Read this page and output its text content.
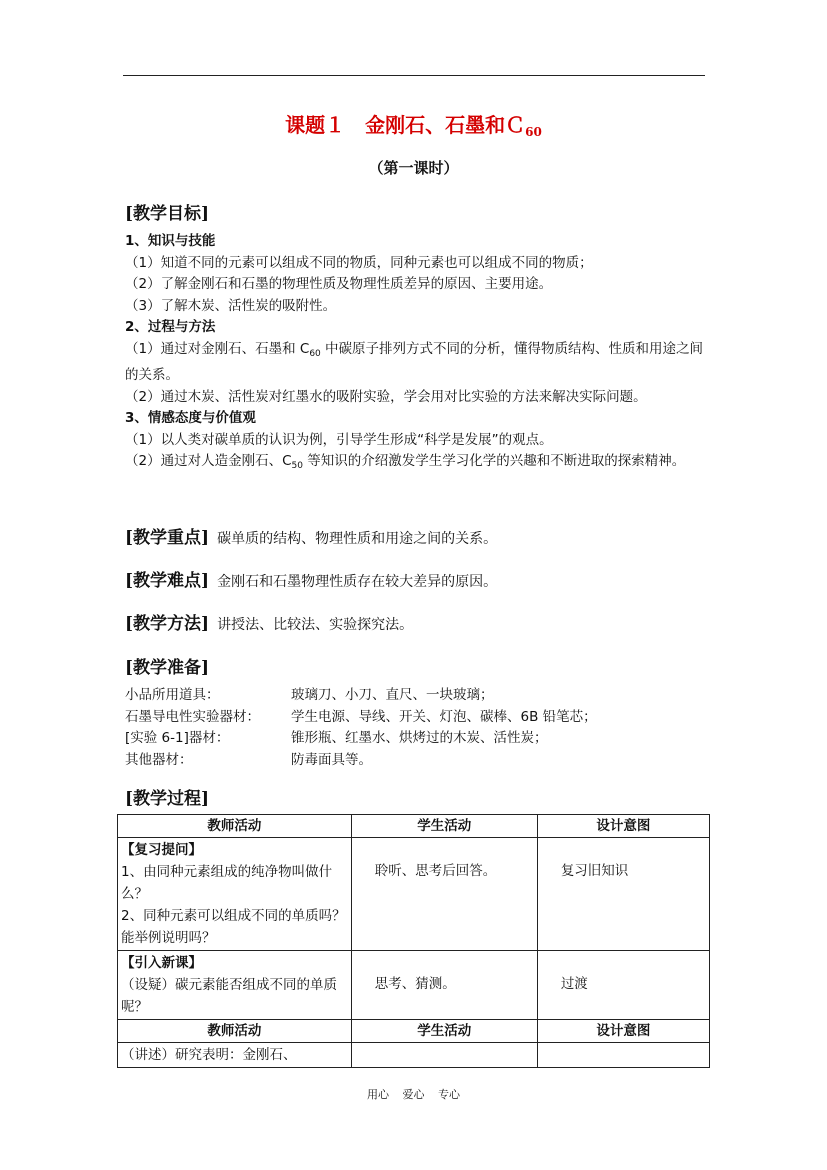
课题１　金刚石、石墨和Ｃ$_{60}$
（第一课时）
[教学目标]
1、知识与技能
（1）知道不同的元素可以组成不同的物质，同种元素也可以组成不同的物质；
（2）了解金刚石和石墨的物理性质及物理性质差异的原因、主要用途。
（3）了解木炭、活性炭的吸附性。
2、过程与方法
（1）通过对金刚石、石墨和 $C_{60}$ 中碳原子排列方式不同的分析，懂得物质结构、性质和用途之间的关系。
（2）通过木炭、活性炭对红墨水的吸附实验，学会用对比实验的方法来解决实际问题。
3、情感态度与价值观
（1）以人类对碳单质的认识为例，引导学生形成“科学是发展”的观点。
（2）通过对人造金刚石、$C_{50}$ 等知识的介绍激发学生学习化学的兴趣和不断进取的探索精神。
[教学重点] 碳单质的结构、物理性质和用途之间的关系。
[教学难点] 金刚石和石墨物理性质存在较大差异的原因。
[教学方法] 讲授法、比较法、实验探究法。
[教学准备]
小品所用道具：	玻璃刀、小刀、直尺、一块玻璃；
石墨导电性实验器材： 学生电源、导线、开关、灯泡、碳棒、6B 铅笔芯；
[实验 6-1]器材：	锥形瓶、红墨水、烘烤过的木炭、活性炭；
其他器材：	防毒面具等。
[教学过程]
教师活动	学生活动	设计意图

【复习提问】
1、由同种元素组成的纯净物叫做什么？
2、同种元素可以组成不同的单质吗？能举例说明吗？	聆听、思考后回答。	复习旧知识

【引入新课】
（设疑）碳元素能否组成不同的单质呢？	思考、猜测。	过渡
教师活动	学生活动	设计意图
（讲述）研究表明：金刚石、		
用心 爱心 专心
